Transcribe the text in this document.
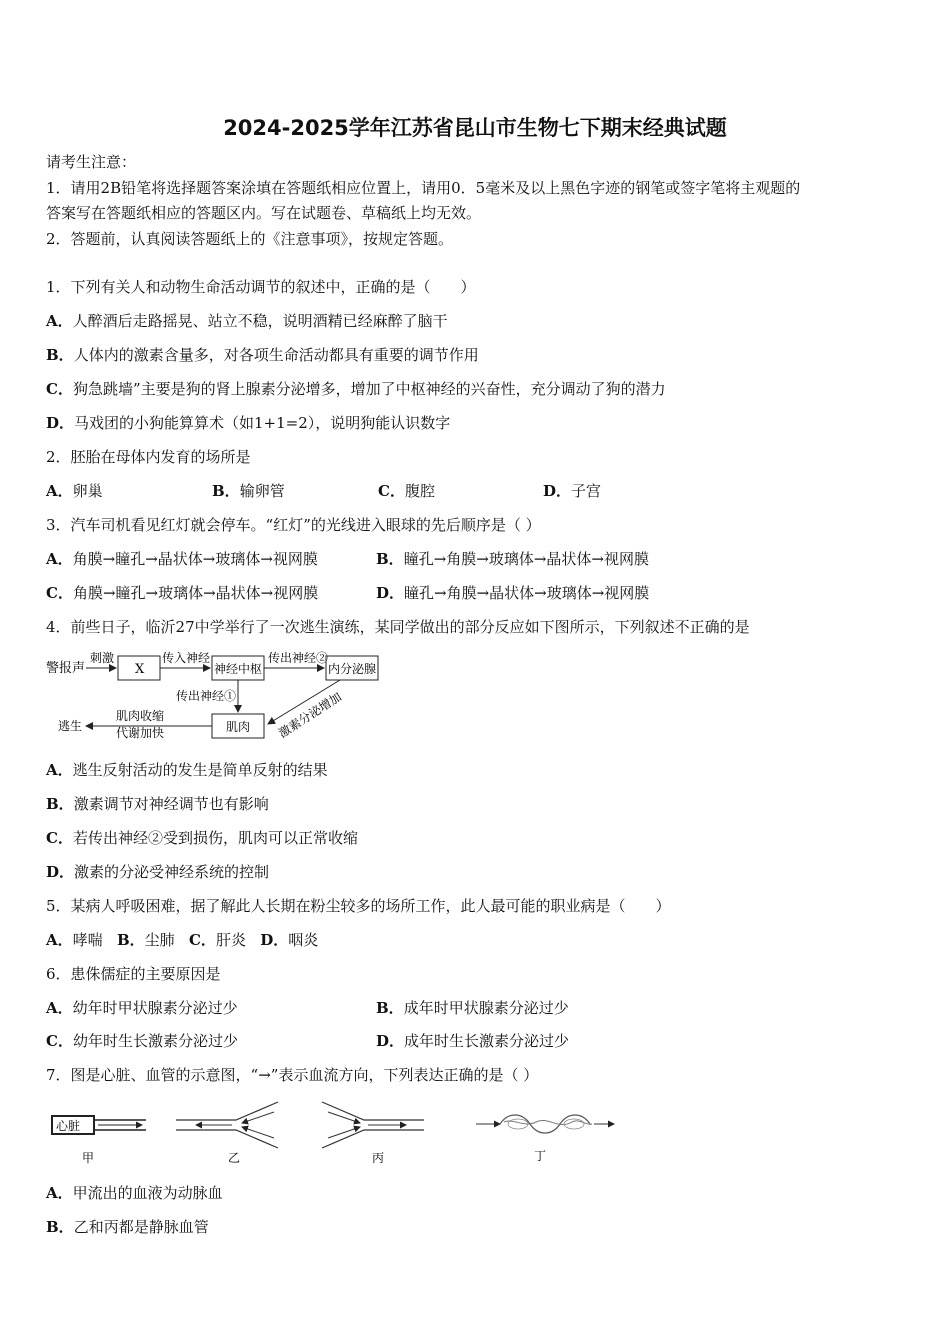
2024-2025学年江苏省昆山市生物七下期末经典试题
请考生注意：
1．请用2B铅笔将选择题答案涂填在答题纸相应位置上，请用0．5毫米及以上黑色字迹的钢笔或签字笔将主观题的
答案写在答题纸相应的答题区内。写在试题卷、草稿纸上均无效。
2．答题前，认真阅读答题纸上的《注意事项》，按规定答题。
1．下列有关人和动物生命活动调节的叙述中，正确的是（　　）
A．人醉酒后走路摇晃、站立不稳，说明酒精已经麻醉了脑干
B．人体内的激素含量多，对各项生命活动都具有重要的调节作用
C．狗急跳墙”主要是狗的肾上腺素分泌增多，增加了中枢神经的兴奋性，充分调动了狗的潜力
D．马戏团的小狗能算算术（如1+1=2），说明狗能认识数字
2．胚胎在母体内发育的场所是
A．卵巢	B．输卵管	C．腹腔	D．子宫
3．汽车司机看见红灯就会停车。“红灯”的光线进入眼球的先后顺序是（ ）
A．角膜→瞳孔→晶状体→玻璃体→视网膜	B．瞳孔→角膜→玻璃体→晶状体→视网膜
C．角膜→瞳孔→玻璃体→晶状体→视网膜	D．瞳孔→角膜→晶状体→玻璃体→视网膜
4．前些日子，临沂27中学举行了一次逃生演练，某同学做出的部分反应如下图所示，下列叙述不正确的是
警报声
刺激
X
传入神经
神经中枢
传出神经②
内分泌腺
传出神经①
肌肉 激素分泌增加
肌肉收缩
代谢加快
逃生
A．逃生反射活动的发生是简单反射的结果
B．激素调节对神经调节也有影响
C．若传出神经②受到损伤，肌肉可以正常收缩
D．激素的分泌受神经系统的控制
5．某病人呼吸困难，据了解此人长期在粉尘较多的场所工作，此人最可能的职业病是（　　）
A．哮喘 B．尘肺 C．肝炎 D．咽炎
6．患侏儒症的主要原因是
A．幼年时甲状腺素分泌过少	B．成年时甲状腺素分泌过少
C．幼年时生长激素分泌过少	D．成年时生长激素分泌过少
7．图是心脏、血管的示意图，“→”表示血流方向，下列表达正确的是（ ）
心脏
甲	乙	丙	丁
A．甲流出的血液为动脉血
B．乙和丙都是静脉血管
